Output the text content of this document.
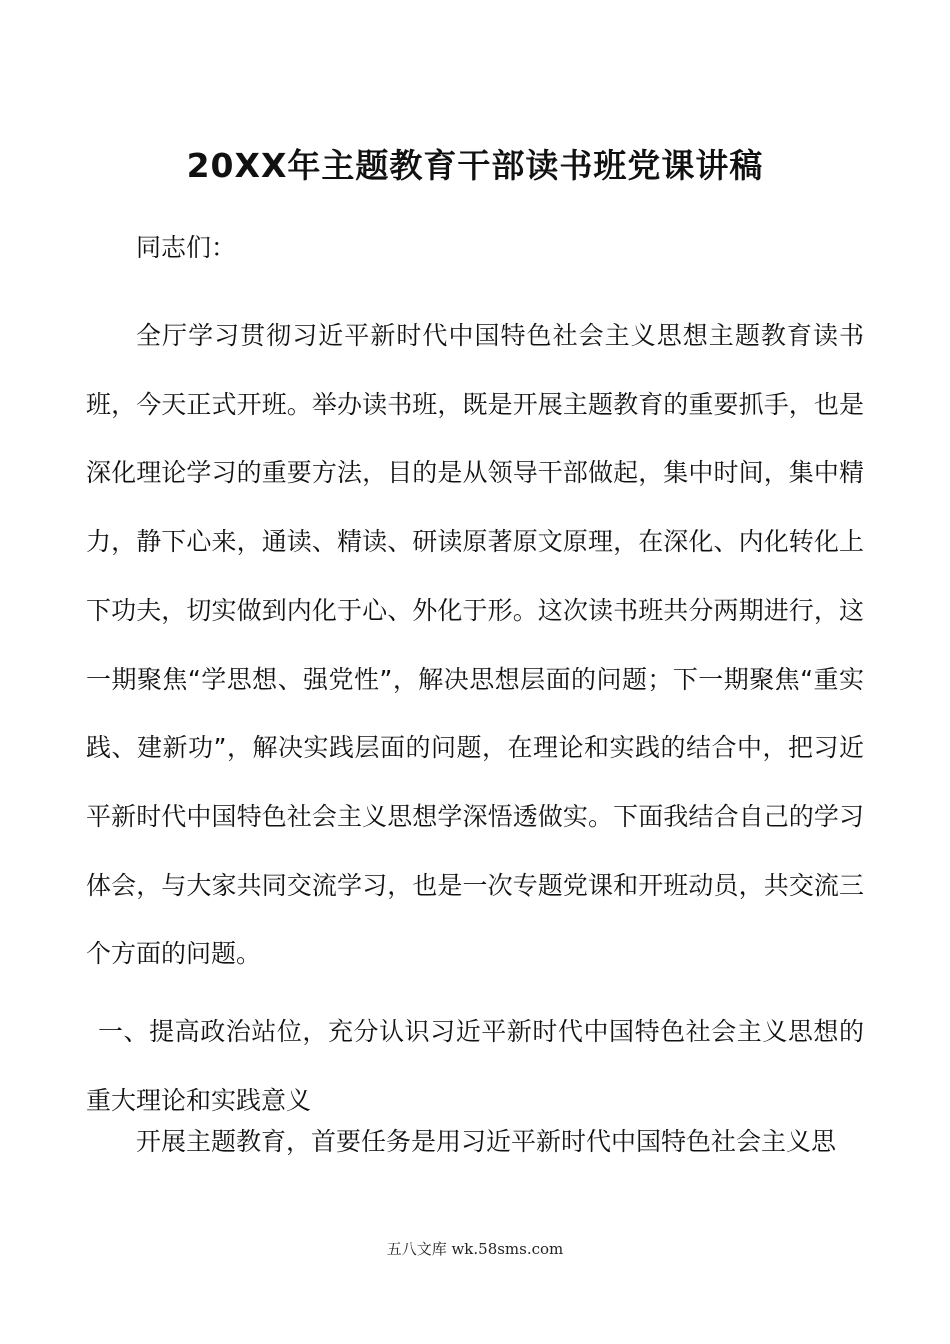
20XX年主题教育干部读书班党课讲稿

同志们：

全厅学习贯彻习近平新时代中国特色社会主义思想主题教育读书班，今天正式开班。举办读书班，既是开展主题教育的重要抓手，也是深化理论学习的重要方法，目的是从领导干部做起，集中时间，集中精力，静下心来，通读、精读、研读原著原文原理，在深化、内化转化上下功夫，切实做到内化于心、外化于形。这次读书班共分两期进行，这一期聚焦“学思想、强党性”，解决思想层面的问题；下一期聚焦“重实践、建新功”，解决实践层面的问题，在理论和实践的结合中，把习近平新时代中国特色社会主义思想学深悟透做实。下面我结合自己的学习体会，与大家共同交流学习，也是一次专题党课和开班动员，共交流三个方面的问题。

一、提高政治站位，充分认识习近平新时代中国特色社会主义思想的重大理论和实践意义

开展主题教育，首要任务是用习近平新时代中国特色社会主义思

五八文库 wk.58sms.com
